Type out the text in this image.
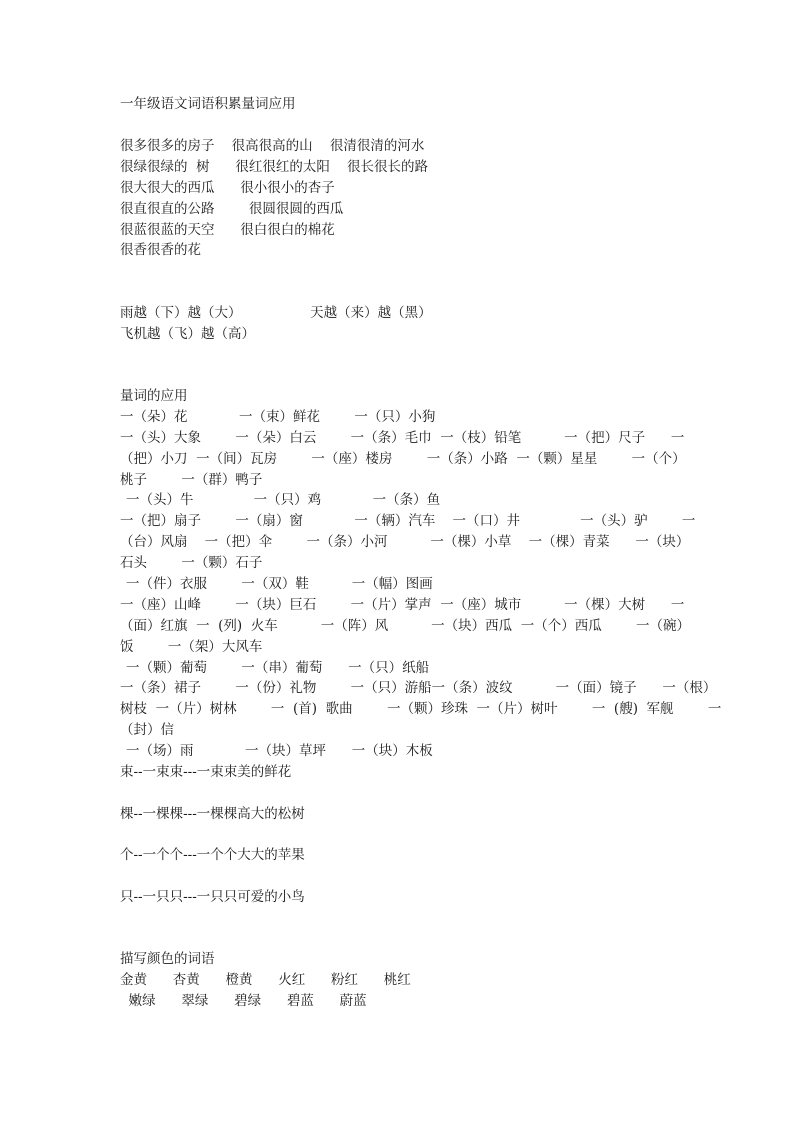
一年级语文词语积累量词应用
很多很多的房子    很高很高的山    很清很清的河水
很绿很绿的  树      很红很红的太阳    很长很长的路
很大很大的西瓜      很小很小的杏子
很直很直的公路        很圆很圆的西瓜
很蓝很蓝的天空      很白很白的棉花
很香很香的花
雨越（下）越（大）                天越（来）越（黑）
飞机越（飞）越（高）
量词的应用
一（朵）花            一（束）鲜花        一（只）小狗
一（头）大象        一（朵）白云        一（条）毛巾  一（枝）铅笔          一（把）尺子      一
（把）小刀  一（间）瓦房        一（座）楼房        一（条）小路  一（颗）星星        一（个）
桃子        一（群）鸭子
一（头）牛              一（只）鸡            一（条）鱼
一（把）扇子        一（扇）窗            一（辆）汽车    一（口）井              一（头）驴        一
（台）风扇    一（把）伞        一（条）小河          一（棵）小草    一（棵）青菜      一（块）
石头        一（颗）石子
一（件）衣服        一（双）鞋          一（幅）图画
一（座）山峰        一（块）巨石        一（片）掌声  一（座）城市          一（棵）大树      一
（面）红旗  一  (列)  火车          一（阵）风          一（块）西瓜  一（个）西瓜        一（碗）
饭        一（架）大风车
一（颗）葡萄        一（串）葡萄      一（只）纸船
一（条）裙子        一（份）礼物        一（只）游船一（条）波纹          一（面）镜子      一（根）
树枝  一（片）树林        一  (首)  歌曲        一（颗）珍珠  一（片）树叶        一  (艘)  军舰        一
（封）信
一（场）雨            一（块）草坪      一（块）木板
束--一束束---一束束美的鲜花
棵--一棵棵---一棵棵高大的松树
个--一个个---一个个大大的苹果
只--一只只---一只只可爱的小鸟
描写颜色的词语
金黄      杏黄      橙黄      火红      粉红      桃红
嫩绿      翠绿      碧绿      碧蓝      蔚蓝
